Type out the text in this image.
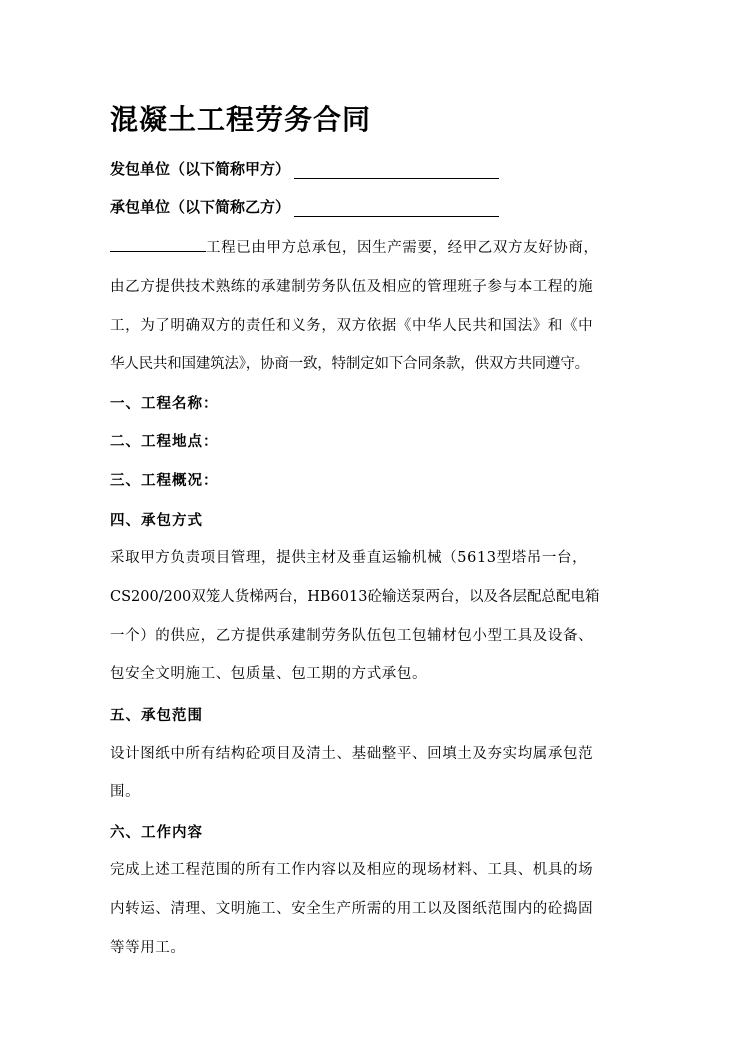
混凝土工程劳务合同
发包单位（以下简称甲方）
承包单位（以下简称乙方）
工程已由甲方总承包，因生产需要，经甲乙双方友好协商，
由乙方提供技术熟练的承建制劳务队伍及相应的管理班子参与本工程的施
工，为了明确双方的责任和义务，双方依据《中华人民共和国法》和《中
华人民共和国建筑法》，协商一致，特制定如下合同条款，供双方共同遵守。
一、工程名称：
二、工程地点：
三、工程概况：
四、承包方式
采取甲方负责项目管理，提供主材及垂直运输机械（5613型塔吊一台，
CS200/200双笼人货梯两台，HB6013砼输送泵两台，以及各层配总配电箱
一个）的供应，乙方提供承建制劳务队伍包工包辅材包小型工具及设备、
包安全文明施工、包质量、包工期的方式承包。
五、承包范围
设计图纸中所有结构砼项目及清土、基础整平、回填土及夯实均属承包范
围。
六、工作内容
完成上述工程范围的所有工作内容以及相应的现场材料、工具、机具的场
内转运、清理、文明施工、安全生产所需的用工以及图纸范围内的砼捣固
等等用工。
